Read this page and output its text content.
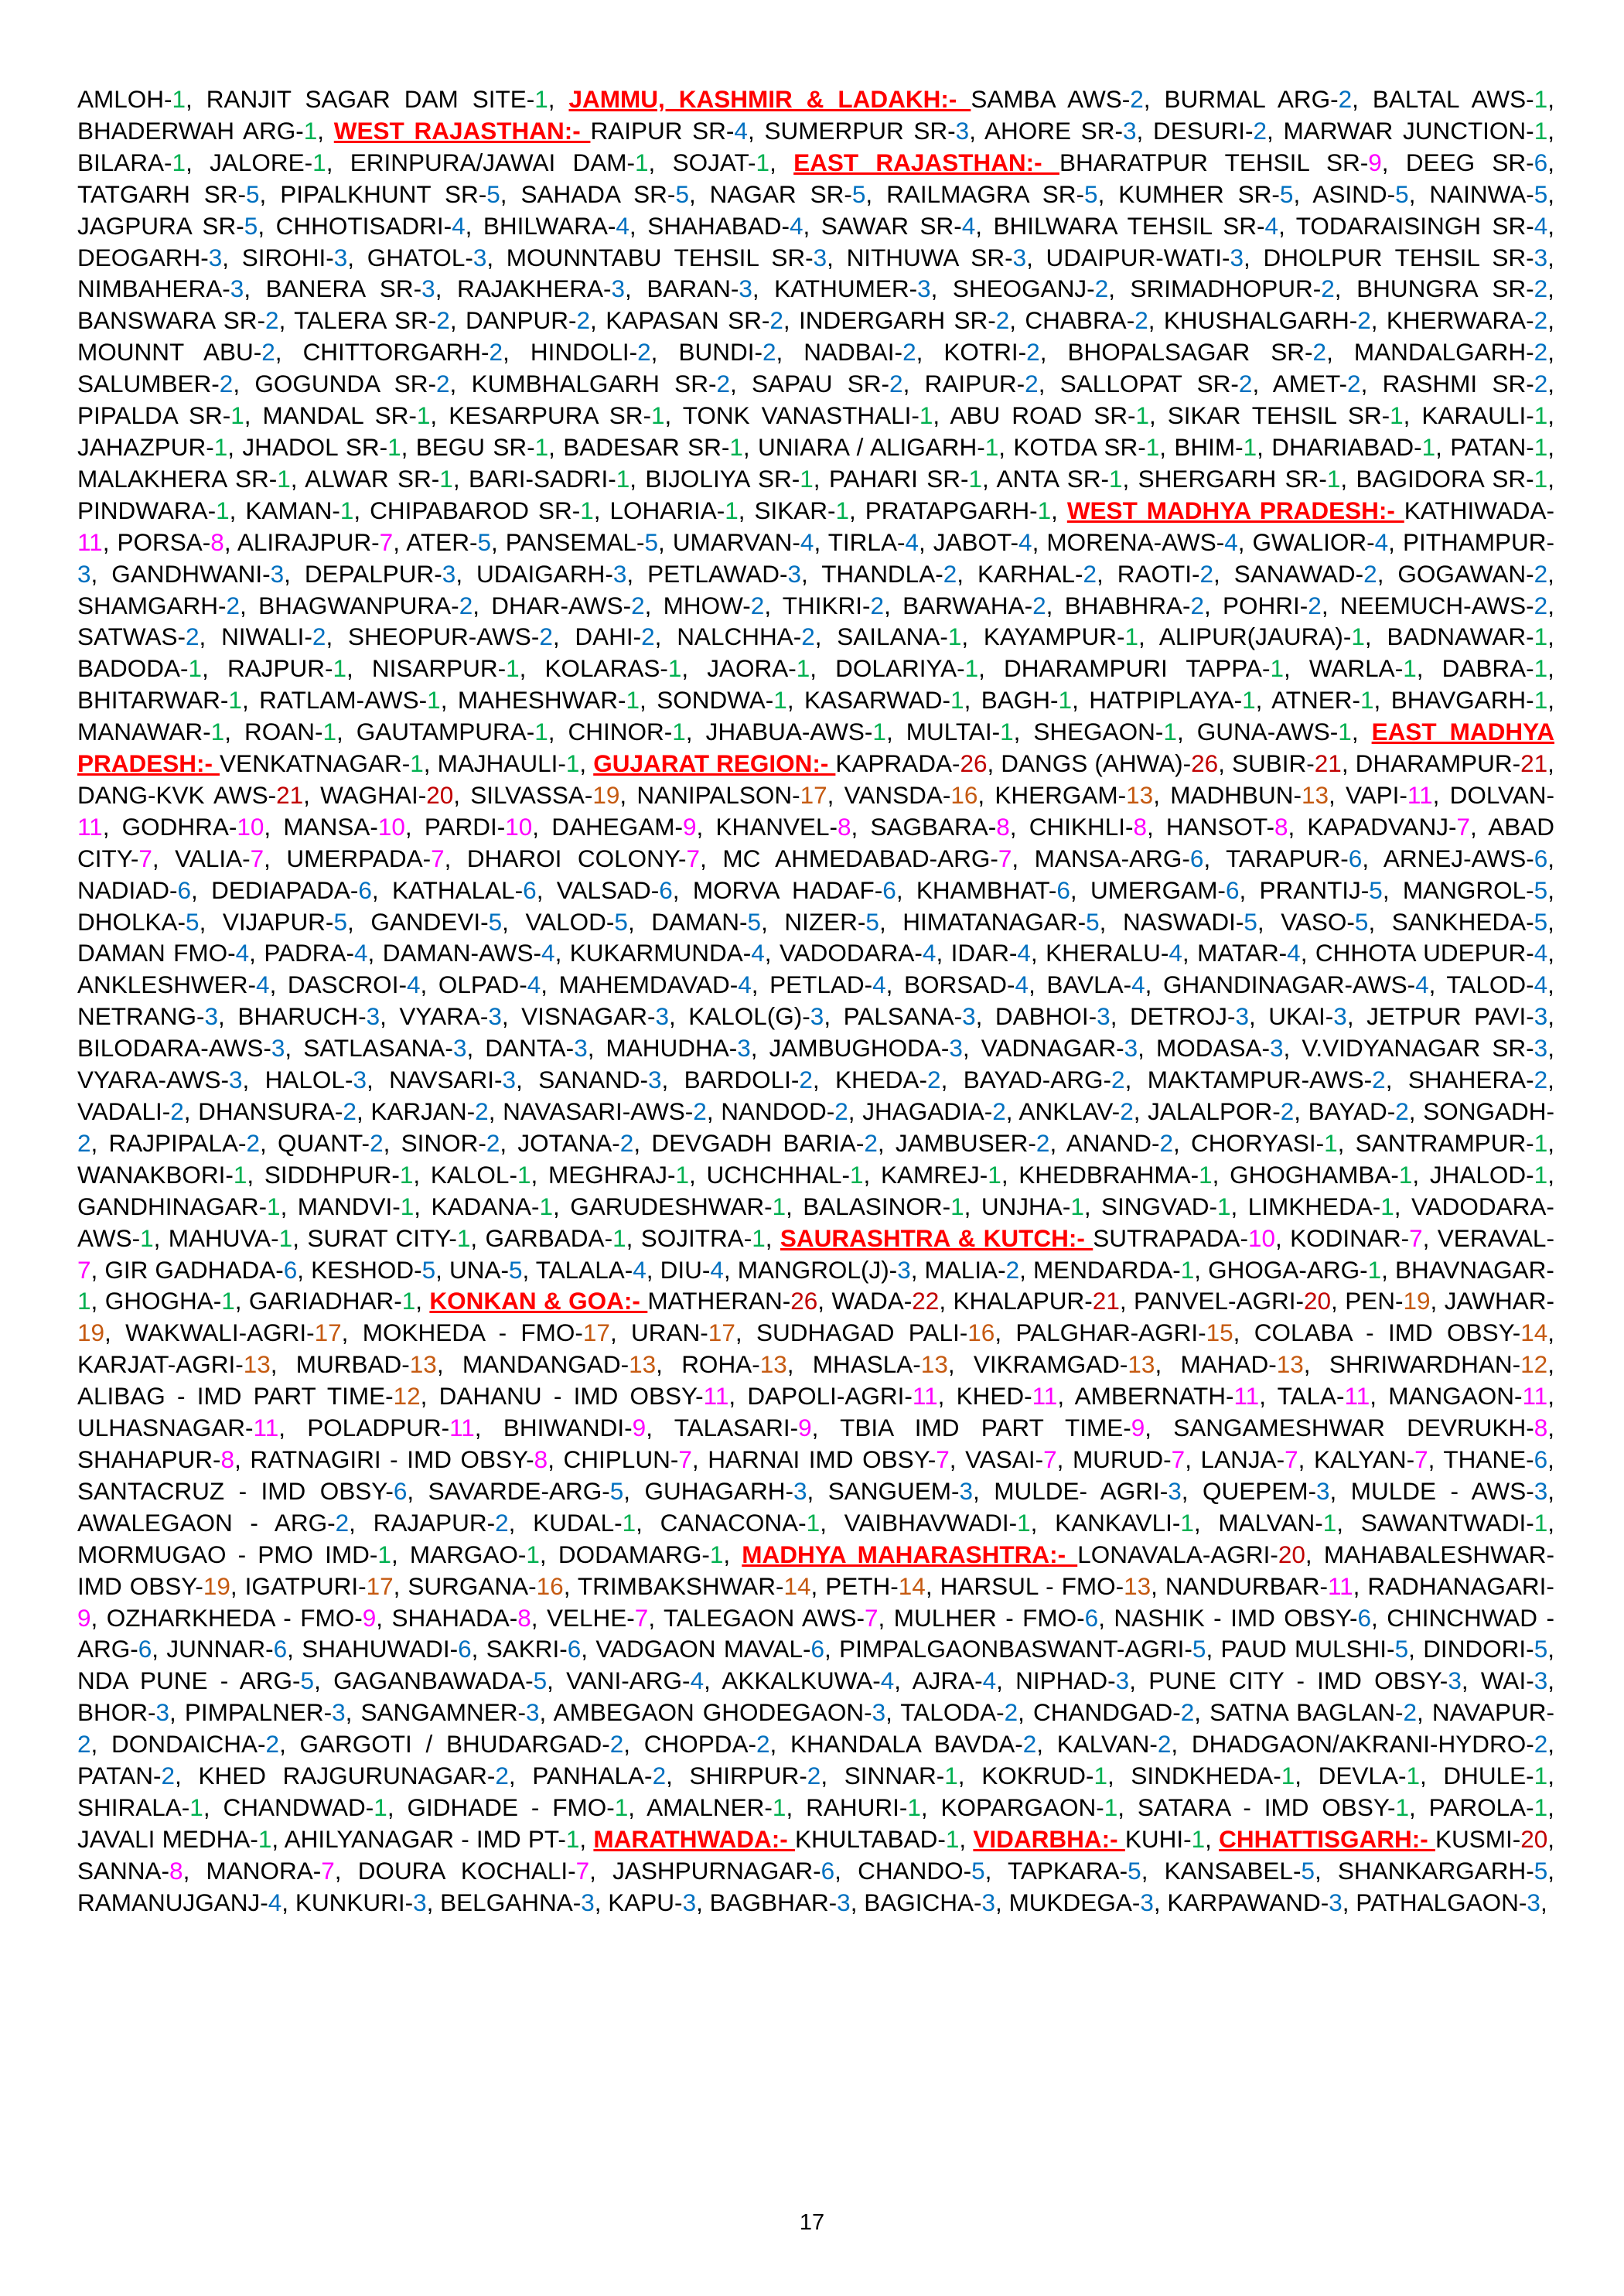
AMLOH-1, RANJIT SAGAR DAM SITE-1, JAMMU, KASHMIR & LADAKH:- SAMBA AWS-2, BURMAL ARG-2, BALTAL AWS-1, BHADERWAH ARG-1, WEST RAJASTHAN:- RAIPUR SR-4, SUMERPUR SR-3, AHORE SR-3, DESURI-2, MARWAR JUNCTION-1, BILARA-1, JALORE-1, ERINPURA/JAWAI DAM-1, SOJAT-1, EAST RAJASTHAN:- BHARATPUR TEHSIL SR-9, DEEG SR-6, TATGARH SR-5, PIPALKHUNT SR-5, SAHADA SR-5, NAGAR SR-5, RAILMAGRA SR-5, KUMHER SR-5, ASIND-5, NAINWA-5, JAGPURA SR-5, CHHOTISADRI-4, BHILWARA-4, SHAHABAD-4, SAWAR SR-4, BHILWARA TEHSIL SR-4, TODARAISINGH SR-4, DEOGARH-3, SIROHI-3, GHATOL-3, MOUNNTABU TEHSIL SR-3, NITHUWA SR-3, UDAIPUR-WATI-3, DHOLPUR TEHSIL SR-3, NIMBAHERA-3, BANERA SR-3, RAJAKHERA-3, BARAN-3, KATHUMER-3, SHEOGANJ-2, SRIMADHOPUR-2, BHUNGRA SR-2, BANSWARA SR-2, TALERA SR-2, DANPUR-2, KAPASAN SR-2, INDERGARH SR-2, CHABRA-2, KHUSHALGARH-2, KHERWARA-2, MOUNNT ABU-2, CHITTORGARH-2, HINDOLI-2, BUNDI-2, NADBAI-2, KOTRI-2, BHOPALSAGAR SR-2, MANDALGARH-2, SALUMBER-2, GOGUNDA SR-2, KUMBHALGARH SR-2, SAPAU SR-2, RAIPUR-2, SALLOPAT SR-2, AMET-2, RASHMI SR-2, PIPALDA SR-1, MANDAL SR-1, KESARPURA SR-1, TONK VANASTHALI-1, ABU ROAD SR-1, SIKAR TEHSIL SR-1, KARAULI-1, JAHAZPUR-1, JHADOL SR-1, BEGU SR-1, BADESAR SR-1, UNIARA / ALIGARH-1, KOTDA SR-1, BHIM-1, DHARIABAD-1, PATAN-1, MALAKHERA SR-1, ALWAR SR-1, BARI-SADRI-1, BIJOLIYA SR-1, PAHARI SR-1, ANTA SR-1, SHERGARH SR-1, BAGIDORA SR-1, PINDWARA-1, KAMAN-1, CHIPABAROD SR-1, LOHARIA-1, SIKAR-1, PRATAPGARH-1, WEST MADHYA PRADESH:- KATHIWADA-11, PORSA-8, ALIRAJPUR-7, ATER-5, PANSEMAL-5, UMARVAN-4, TIRLA-4, JABOT-4, MORENA-AWS-4, GWALIOR-4, PITHAMPUR-3, GANDHWANI-3, DEPALPUR-3, UDAIGARH-3, PETLAWAD-3, THANDLA-2, KARHAL-2, RAOTI-2, SANAWAD-2, GOGAWAN-2, SHAMGARH-2, BHAGWANPURA-2, DHAR-AWS-2, MHOW-2, THIKRI-2, BARWAHA-2, BHABHRA-2, POHRI-2, NEEMUCH-AWS-2, SATWAS-2, NIWALI-2, SHEOPUR-AWS-2, DAHI-2, NALCHHA-2, SAILANA-1, KAYAMPUR-1, ALIPUR(JAURA)-1, BADNAWAR-1, BADODA-1, RAJPUR-1, NISARPUR-1, KOLARAS-1, JAORA-1, DOLARIYA-1, DHARAMPURI TAPPA-1, WARLA-1, DABRA-1, BHITARWAR-1, RATLAM-AWS-1, MAHESHWAR-1, SONDWA-1, KASARWAD-1, BAGH-1, HATPIPLAYA-1, ATNER-1, BHAVGARH-1, MANAWAR-1, ROAN-1, GAUTAMPURA-1, CHINOR-1, JHABUA-AWS-1, MULTAI-1, SHEGAON-1, GUNA-AWS-1, EAST MADHYA PRADESH:- VENKATNAGAR-1, MAJHAULI-1, GUJARAT REGION:- KAPRADA-26, DANGS (AHWA)-26, SUBIR-21, DHARAMPUR-21, DANG-KVK AWS-21, WAGHAI-20, SILVASSA-19, NANIPALSON-17, VANSDA-16, KHERGAM-13, MADHBUN-13, VAPI-11, DOLVAN-11, GODHRA-10, MANSA-10, PARDI-10, DAHEGAM-9, KHANVEL-8, SAGBARA-8, CHIKHLI-8, HANSOT-8, KAPADVANJ-7, ABAD CITY-7, VALIA-7, UMERPADA-7, DHAROI COLONY-7, MC AHMEDABAD-ARG-7, MANSA-ARG-6, TARAPUR-6, ARNEJ-AWS-6, NADIAD-6, DEDIAPADA-6, KATHALAL-6, VALSAD-6, MORVA HADAF-6, KHAMBHAT-6, UMERGAM-6, PRANTIJ-5, MANGROL-5, DHOLKA-5, VIJAPUR-5, GANDEVI-5, VALOD-5, DAMAN-5, NIZER-5, HIMATANAGAR-5, NASWADI-5, VASO-5, SANKHEDA-5, DAMAN FMO-4, PADRA-4, DAMAN-AWS-4, KUKARMUNDA-4, VADODARA-4, IDAR-4, KHERALU-4, MATAR-4, CHHOTA UDEPUR-4, ANKLESHWER-4, DASCROI-4, OLPAD-4, MAHEMDAVAD-4, PETLAD-4, BORSAD-4, BAVLA-4, GHANDINAGAR-AWS-4, TALOD-4, NETRANG-3, BHARUCH-3, VYARA-3, VISNAGAR-3, KALOL(G)-3, PALSANA-3, DABHOI-3, DETROJ-3, UKAI-3, JETPUR PAVI-3, BILODARA-AWS-3, SATLASANA-3, DANTA-3, MAHUDHA-3, JAMBUGHODA-3, VADNAGAR-3, MODASA-3, V.VIDYANAGAR SR-3, VYARA-AWS-3, HALOL-3, NAVSARI-3, SANAND-3, BARDOLI-2, KHEDA-2, BAYAD-ARG-2, MAKTAMPUR-AWS-2, SHAHERA-2, VADALI-2, DHANSURA-2, KARJAN-2, NAVASARI-AWS-2, NANDOD-2, JHAGADIA-2, ANKLAV-2, JALALPOR-2, BAYAD-2, SONGADH-2, RAJPIPALA-2, QUANT-2, SINOR-2, JOTANA-2, DEVGADH BARIA-2, JAMBUSER-2, ANAND-2, CHORYASI-1, SANTRAMPUR-1, WANAKBORI-1, SIDDHPUR-1, KALOL-1, MEGHRAJ-1, UCHCHHAL-1, KAMREJ-1, KHEDBRAHMA-1, GHOGHAMBA-1, JHALOD-1, GANDHINAGAR-1, MANDVI-1, KADANA-1, GARUDESHWAR-1, BALASINOR-1, UNJHA-1, SINGVAD-1, LIMKHEDA-1, VADODARA-AWS-1, MAHUVA-1, SURAT CITY-1, GARBADA-1, SOJITRA-1, SAURASHTRA & KUTCH:- SUTRAPADA-10, KODINAR-7, VERAVAL-7, GIR GADHADA-6, KESHOD-5, UNA-5, TALALA-4, DIU-4, MANGROL(J)-3, MALIA-2, MENDARDA-1, GHOGA-ARG-1, BHAVNAGAR-1, GHOGHA-1, GARIADHAR-1, KONKAN & GOA:- MATHERAN-26, WADA-22, KHALAPUR-21, PANVEL-AGRI-20, PEN-19, JAWHAR-19, WAKWALI-AGRI-17, MOKHEDA - FMO-17, URAN-17, SUDHAGAD PALI-16, PALGHAR-AGRI-15, COLABA - IMD OBSY-14, KARJAT-AGRI-13, MURBAD-13, MANDANGAD-13, ROHA-13, MHASLA-13, VIKRAMGAD-13, MAHAD-13, SHRIWARDHAN-12, ALIBAG - IMD PART TIME-12, DAHANU - IMD OBSY-11, DAPOLI-AGRI-11, KHED-11, AMBERNATH-11, TALA-11, MANGAON-11, ULHASNAGAR-11, POLADPUR-11, BHIWANDI-9, TALASARI-9, TBIA IMD PART TIME-9, SANGAMESHWAR DEVRUKH-8, SHAHAPUR-8, RATNAGIRI - IMD OBSY-8, CHIPLUN-7, HARNAI IMD OBSY-7, VASAI-7, MURUD-7, LANJA-7, KALYAN-7, THANE-6, SANTACRUZ - IMD OBSY-6, SAVARDE-ARG-5, GUHAGARH-3, SANGUEM-3, MULDE- AGRI-3, QUEPEM-3, MULDE - AWS-3, AWALEGAON - ARG-2, RAJAPUR-2, KUDAL-1, CANACONA-1, VAIBHAVWADI-1, KANKAVLI-1, MALVAN-1, SAWANTWADI-1, MORMUGAO - PMO IMD-1, MARGAO-1, DODAMARG-1, MADHYA MAHARASHTRA:- LONAVALA-AGRI-20, MAHABALESHWAR- IMD OBSY-19, IGATPURI-17, SURGANA-16, TRIMBAKSHWAR-14, PETH-14, HARSUL - FMO-13, NANDURBAR-11, RADHANAGARI-9, OZHARKHEDA - FMO-9, SHAHADA-8, VELHE-7, TALEGAON AWS-7, MULHER - FMO-6, NASHIK - IMD OBSY-6, CHINCHWAD - ARG-6, JUNNAR-6, SHAHUWADI-6, SAKRI-6, VADGAON MAVAL-6, PIMPALGAONBASWANT-AGRI-5, PAUD MULSHI-5, DINDORI-5, NDA PUNE - ARG-5, GAGANBAWADA-5, VANI-ARG-4, AKKALKUWA-4, AJRA-4, NIPHAD-3, PUNE CITY - IMD OBSY-3, WAI-3, BHOR-3, PIMPALNER-3, SANGAMNER-3, AMBEGAON GHODEGAON-3, TALODA-2, CHANDGAD-2, SATNA BAGLAN-2, NAVAPUR-2, DONDAICHA-2, GARGOTI / BHUDARGAD-2, CHOPDA-2, KHANDALA BAVDA-2, KALVAN-2, DHADGAON/AKRANI-HYDRO-2, PATAN-2, KHED RAJGURUNAGAR-2, PANHALA-2, SHIRPUR-2, SINNAR-1, KOKRUD-1, SINDKHEDA-1, DEVLA-1, DHULE-1, SHIRALA-1, CHANDWAD-1, GIDHADE - FMO-1, AMALNER-1, RAHURI-1, KOPARGAON-1, SATARA - IMD OBSY-1, PAROLA-1, JAVALI MEDHA-1, AHILYANAGAR - IMD PT-1, MARATHWADA:- KHULTABAD-1, VIDARBHA:- KUHI-1, CHHATTISGARH:- KUSMI-20, SANNA-8, MANORA-7, DOURA KOCHALI-7, JASHPURNAGAR-6, CHANDO-5, TAPKARA-5, KANSABEL-5, SHANKARGARH-5, RAMANUJGANJ-4, KUNKURI-3, BELGAHNA-3, KAPU-3, BAGBHAR-3, BAGICHA-3, MUKDEGA-3, KARPAWAND-3, PATHALGAON-3,
17
